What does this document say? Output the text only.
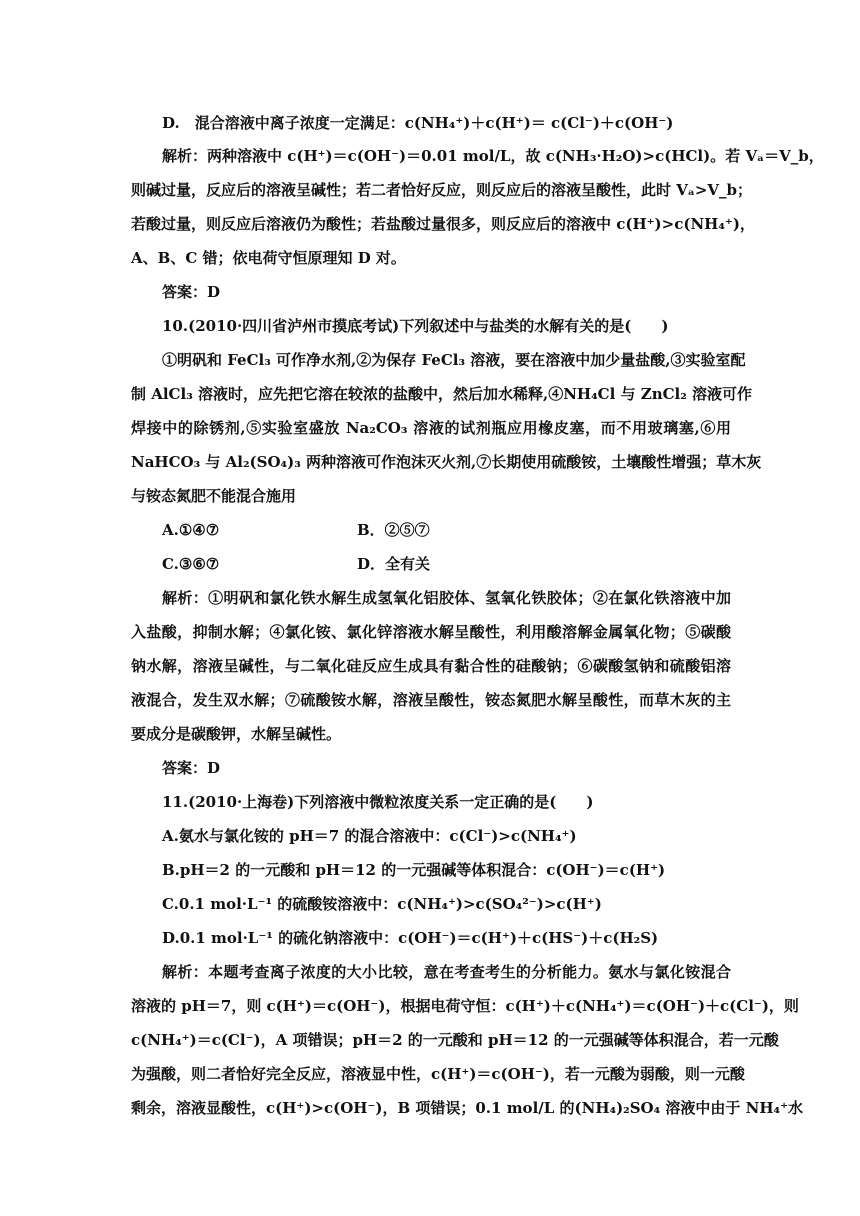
D.　混合溶液中离子浓度一定满足：c(NH₄⁺)＋c(H⁺)＝ c(Cl⁻)＋c(OH⁻)
解析：两种溶液中 c(H⁺)＝c(OH⁻)＝0.01 mol/L，故 c(NH₃·H₂O)>c(HCl)。若 Vₐ＝V_b，
则碱过量，反应后的溶液呈碱性；若二者恰好反应，则反应后的溶液呈酸性，此时 Vₐ>V_b；
若酸过量，则反应后溶液仍为酸性；若盐酸过量很多，则反应后的溶液中 c(H⁺)>c(NH₄⁺)，
A、B、C 错；依电荷守恒原理知 D 对。
答案：D
10.(2010·四川省泸州市摸底考试)下列叙述中与盐类的水解有关的是(　　)
①明矾和 FeCl₃ 可作净水剂,②为保存 FeCl₃ 溶液，要在溶液中加少量盐酸,③实验室配
制 AlCl₃ 溶液时，应先把它溶在较浓的盐酸中，然后加水稀释,④NH₄Cl 与 ZnCl₂ 溶液可作
焊接中的除锈剂,⑤实验室盛放 Na₂CO₃ 溶液的试剂瓶应用橡皮塞，而不用玻璃塞,⑥用
NaHCO₃ 与 Al₂(SO₄)₃ 两种溶液可作泡沫灭火剂,⑦长期使用硫酸铵，土壤酸性增强；草木灰
与铵态氮肥不能混合施用
A.①④⑦	B．②⑤⑦
C.③⑥⑦	D．全有关
解析：①明矾和氯化铁水解生成氢氧化铝胶体、氢氧化铁胶体；②在氯化铁溶液中加
入盐酸，抑制水解；④氯化铵、氯化锌溶液水解呈酸性，利用酸溶解金属氧化物；⑤碳酸
钠水解，溶液呈碱性，与二氧化硅反应生成具有黏合性的硅酸钠；⑥碳酸氢钠和硫酸铝溶
液混合，发生双水解；⑦硫酸铵水解，溶液呈酸性，铵态氮肥水解呈酸性，而草木灰的主
要成分是碳酸钾，水解呈碱性。
答案：D
11.(2010·上海卷)下列溶液中微粒浓度关系一定正确的是(　　)
A.氨水与氯化铵的 pH＝7 的混合溶液中：c(Cl⁻)>c(NH₄⁺)
B.pH＝2 的一元酸和 pH＝12 的一元强碱等体积混合：c(OH⁻)＝c(H⁺)
C.0.1 mol·L⁻¹ 的硫酸铵溶液中：c(NH₄⁺)>c(SO₄²⁻)>c(H⁺)
D.0.1 mol·L⁻¹ 的硫化钠溶液中：c(OH⁻)＝c(H⁺)＋c(HS⁻)＋c(H₂S)
解析：本题考查离子浓度的大小比较，意在考查考生的分析能力。氨水与氯化铵混合
溶液的 pH＝7，则 c(H⁺)＝c(OH⁻)，根据电荷守恒：c(H⁺)＋c(NH₄⁺)＝c(OH⁻)＋c(Cl⁻)，则
c(NH₄⁺)＝c(Cl⁻)，A 项错误；pH＝2 的一元酸和 pH＝12 的一元强碱等体积混合，若一元酸
为强酸，则二者恰好完全反应，溶液显中性，c(H⁺)＝c(OH⁻)，若一元酸为弱酸，则一元酸
剩余，溶液显酸性，c(H⁺)>c(OH⁻)，B 项错误；0.1 mol/L 的(NH₄)₂SO₄ 溶液中由于 NH₄⁺水
